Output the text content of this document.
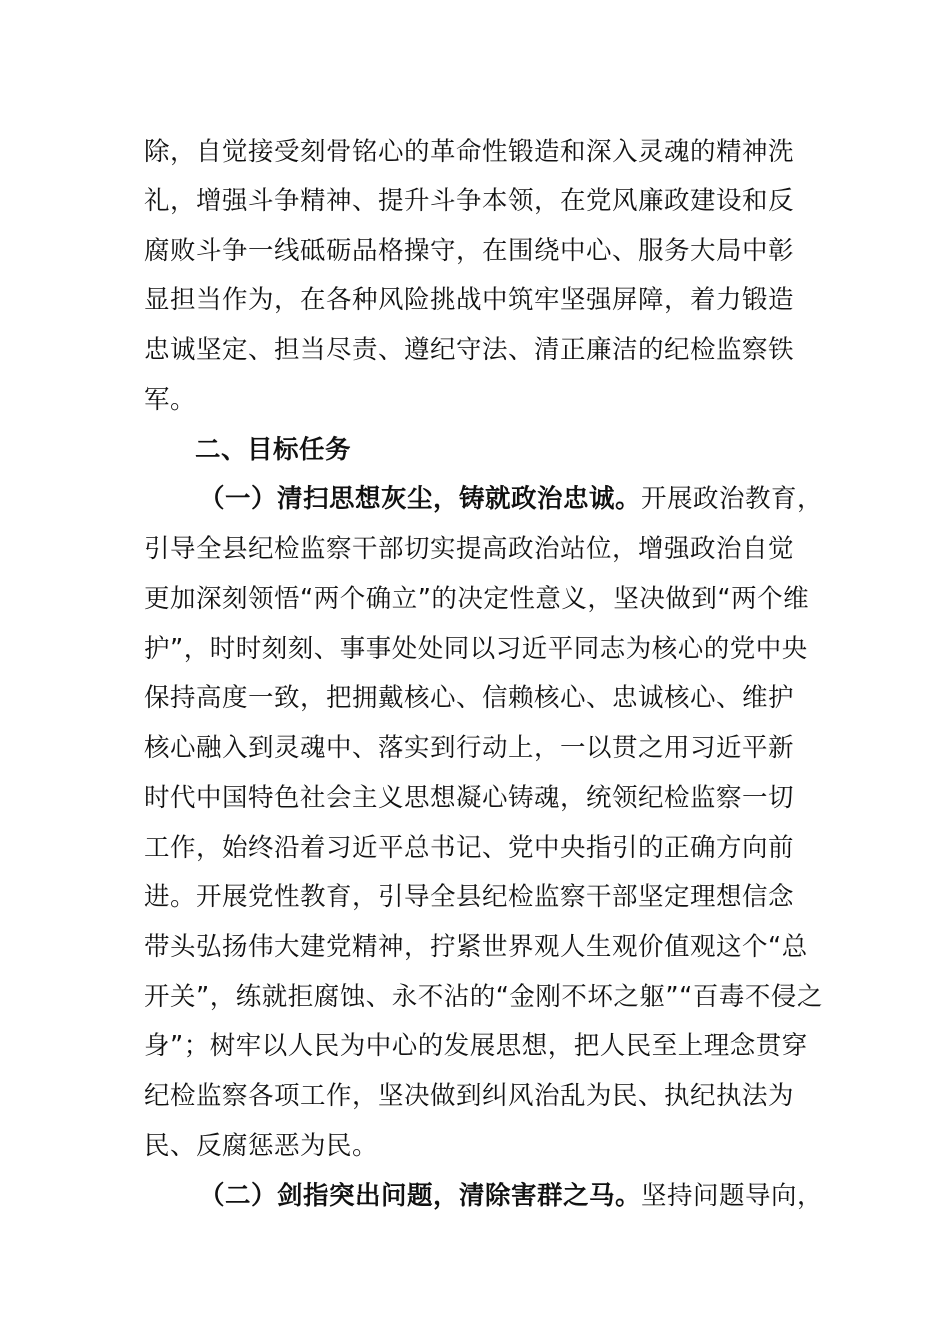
除，自觉接受刻骨铭心的革命性锻造和深入灵魂的精神洗
礼，增强斗争精神、提升斗争本领，在党风廉政建设和反
腐败斗争一线砥砺品格操守，在围绕中心、服务大局中彰
显担当作为，在各种风险挑战中筑牢坚强屏障，着力锻造
忠诚坚定、担当尽责、遵纪守法、清正廉洁的纪检监察铁
军。
二、目标任务
（一）清扫思想灰尘，铸就政治忠诚。开展政治教育，
引导全县纪检监察干部切实提高政治站位，增强政治自觉
更加深刻领悟“两个确立”的决定性意义，坚决做到“两个维
护”，时时刻刻、事事处处同以习近平同志为核心的党中央
保持高度一致，把拥戴核心、信赖核心、忠诚核心、维护
核心融入到灵魂中、落实到行动上，一以贯之用习近平新
时代中国特色社会主义思想凝心铸魂，统领纪检监察一切
工作，始终沿着习近平总书记、党中央指引的正确方向前
进。开展党性教育，引导全县纪检监察干部坚定理想信念
带头弘扬伟大建党精神，拧紧世界观人生观价值观这个“总
开关”，练就拒腐蚀、永不沾的“金刚不坏之躯”“百毒不侵之
身”；树牢以人民为中心的发展思想，把人民至上理念贯穿
纪检监察各项工作，坚决做到纠风治乱为民、执纪执法为
民、反腐惩恶为民。
（二）剑指突出问题，清除害群之马。坚持问题导向，
